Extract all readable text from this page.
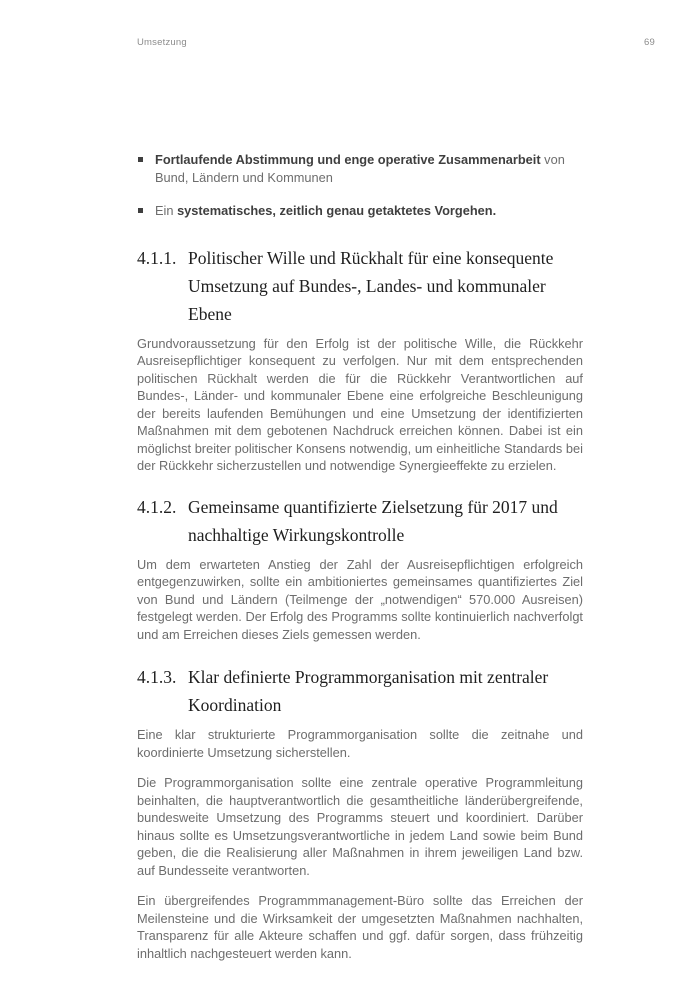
Umsetzung	69
Fortlaufende Abstimmung und enge operative Zusammenarbeit von Bund, Ländern und Kommunen
Ein systematisches, zeitlich genau getaktetes Vorgehen.
4.1.1. Politischer Wille und Rückhalt für eine konsequente Umsetzung auf Bundes-, Landes- und kommunaler Ebene

Grundvoraussetzung für den Erfolg ist der politische Wille, die Rückkehr Ausreisepflichtiger konsequent zu verfolgen. Nur mit dem entsprechenden politischen Rückhalt werden die für die Rückkehr Verantwortlichen auf Bundes-, Länder- und kommunaler Ebene eine erfolgreiche Beschleunigung der bereits laufenden Bemühungen und eine Umsetzung der identifizierten Maßnahmen mit dem gebotenen Nachdruck erreichen können. Dabei ist ein möglichst breiter politischer Konsens notwendig, um einheitliche Standards bei der Rückkehr sicherzustellen und notwendige Synergieeffekte zu erzielen.

4.1.2. Gemeinsame quantifizierte Zielsetzung für 2017 und nachhaltige Wirkungskontrolle

Um dem erwarteten Anstieg der Zahl der Ausreisepflichtigen erfolgreich entgegenzuwirken, sollte ein ambitioniertes gemeinsames quantifiziertes Ziel von Bund und Ländern (Teilmenge der „notwendigen“ 570.000 Ausreisen) festgelegt werden. Der Erfolg des Programms sollte kontinuierlich nachverfolgt und am Erreichen dieses Ziels gemessen werden.

4.1.3. Klar definierte Programmorganisation mit zentraler Koordination

Eine klar strukturierte Programmorganisation sollte die zeitnahe und koordinierte Umsetzung sicherstellen.

Die Programmorganisation sollte eine zentrale operative Programmleitung beinhalten, die hauptverantwortlich die gesamtheitliche länderübergreifende, bundesweite Umsetzung des Programms steuert und koordiniert. Darüber hinaus sollte es Umsetzungsverantwortliche in jedem Land sowie beim Bund geben, die die Realisierung aller Maßnahmen in ihrem jeweiligen Land bzw. auf Bundesseite verantworten.

Ein übergreifendes Programmmanagement-Büro sollte das Erreichen der Meilensteine und die Wirksamkeit der umgesetzten Maßnahmen nachhalten, Transparenz für alle Akteure schaffen und ggf. dafür sorgen, dass frühzeitig inhaltlich nachgesteuert werden kann.
